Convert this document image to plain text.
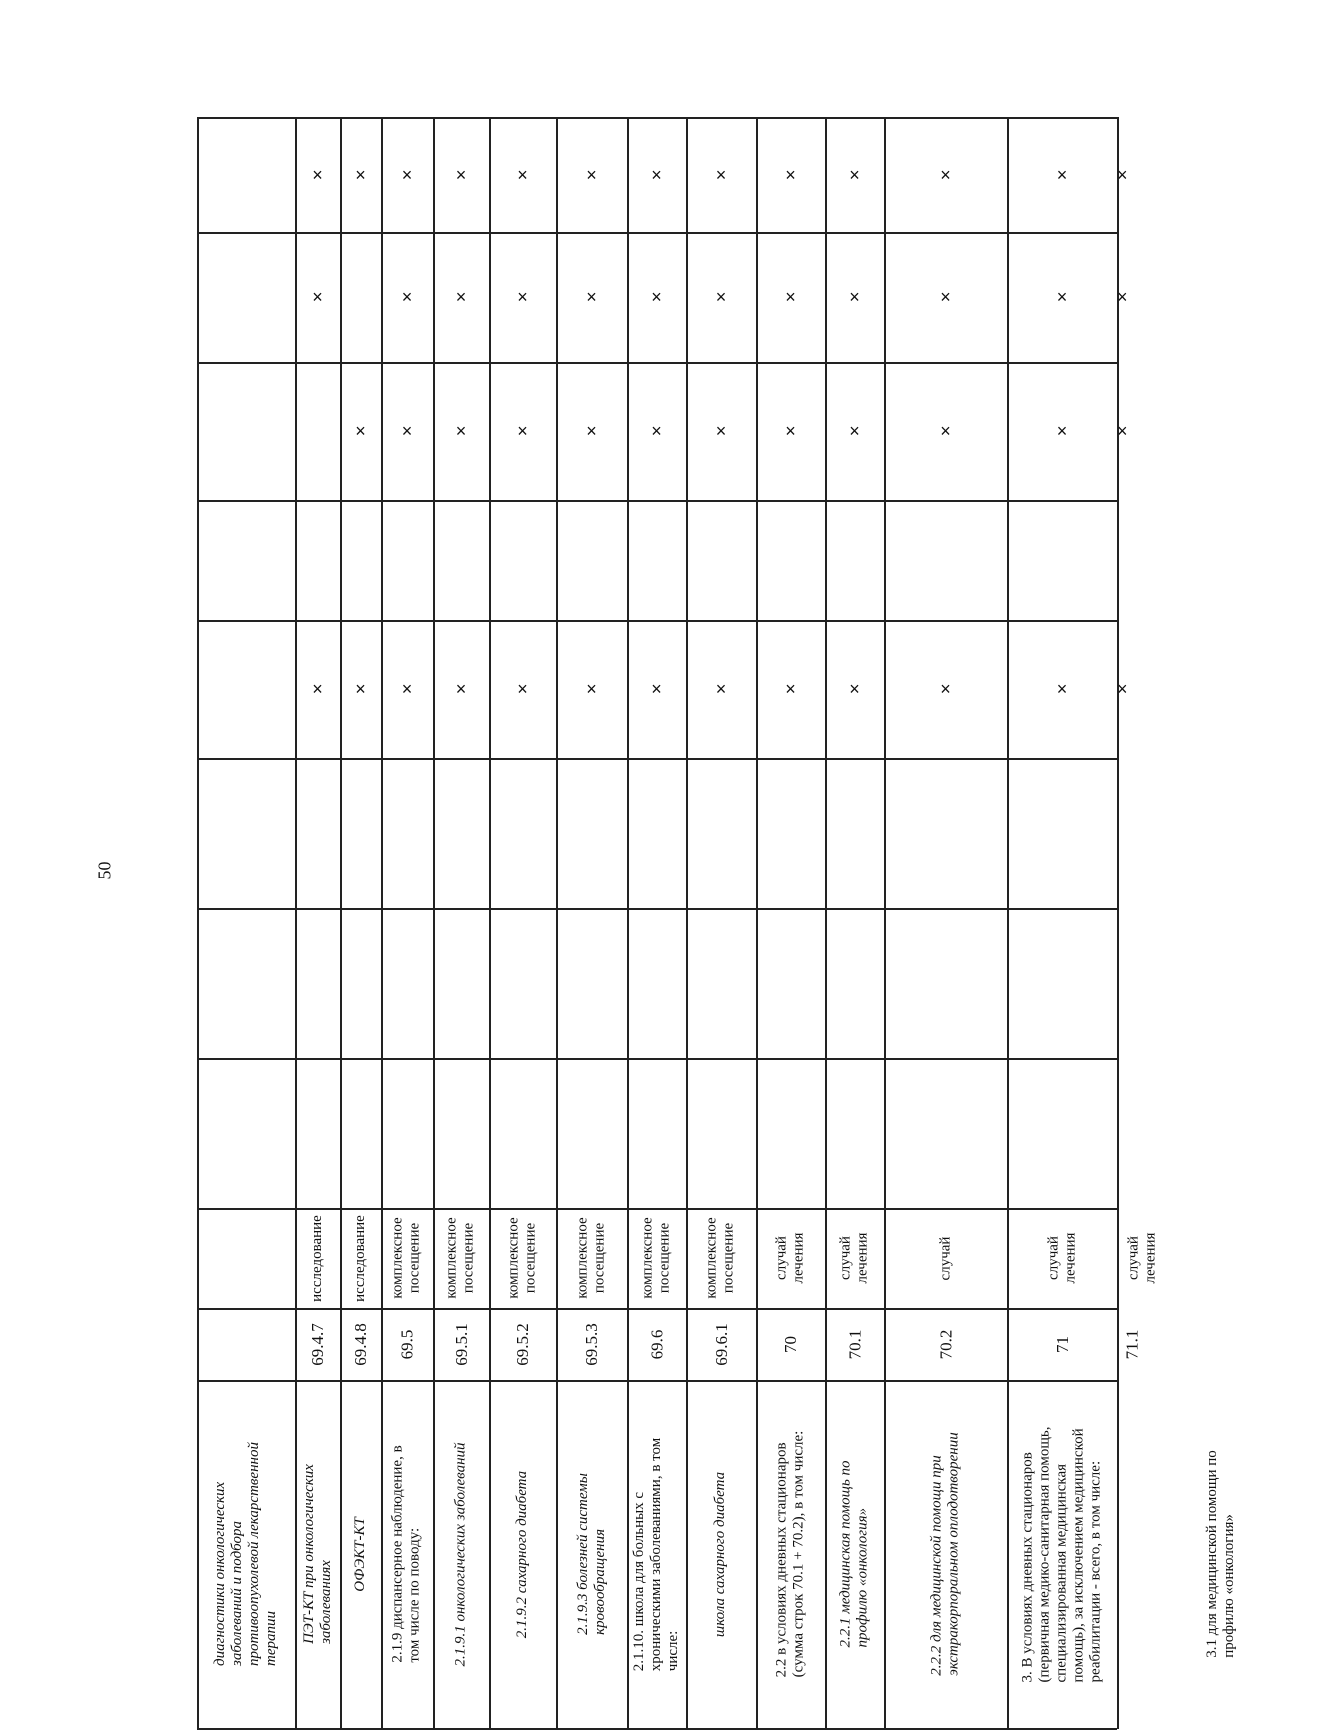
50
диагностики онкологических
заболеваний и подбора
противоопухолевой лекарственной
терапии ПЭТ-КТ при онкологических
заболеваниях
69.4.7
исследование
×
×
×
ОФЭКТ-КТ
69.4.8
исследование
×
×
×
2.1.9 диспансерное наблюдение, в
том числе по поводу:
69.5
комплексное
посещение
×
×
×
×
2.1.9.1 онкологических заболеваний
69.5.1
комплексное
посещение
×
×
×
×
2.1.9.2 сахарного диабета
69.5.2
комплексное
посещение
×
×
×
×
2.1.9.3 болезней системы
кровообращения
69.5.3
комплексное
посещение
×
×
×
×
2.1.10. школа для больных с
хроническими заболеваниями, в том
числе:
69.6
комплексное
посещение
×
×
×
×
школа сахарного диабета
69.6.1
комплексное
посещение
×
×
×
×
2.2 в условиях дневных стационаров
(сумма строк 70.1 + 70.2), в том числе:
70
случай
лечения
×
×
×
×
2.2.1 медицинская помощь по
профилю «онкология»
70.1
случай
лечения
×
×
×
×
2.2.2 для медицинской помощи при
экстракорпоральном оплодотворении
70.2
случай
×
×
×
×
3. В условиях дневных стационаров
(первичная медико-санитарная помощь,
специализированная медицинская
помощь), за исключением медицинской
реабилитации - всего, в том числе:
71
случай
лечения
×
×
×
×
3.1 для медицинской помощи по
профилю «онкология»
71.1
случай
лечения
×
×
×
×
